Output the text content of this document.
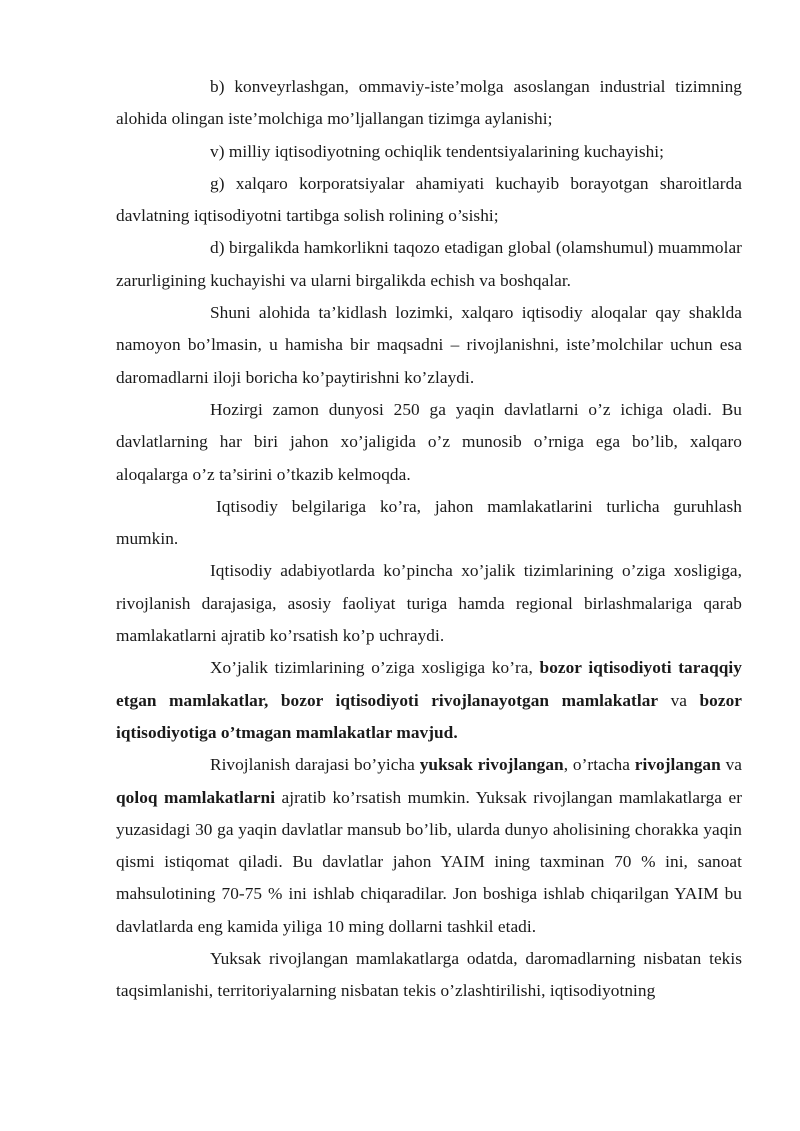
b) konveyrlashgan, ommaviy-iste’molga asoslangan industrial tizimning alohida olingan iste’molchiga mo’ljallangan tizimga aylanishi;

v) milliy iqtisodiyotning ochiqlik tendentsiyalarining kuchayishi;

g) xalqaro korporatsiyalar ahamiyati kuchayib borayotgan sharoitlarda davlatning iqtisodiyotni tartibga solish rolining o’sishi;

d) birgalikda hamkorlikni taqozo etadigan global (olamshumul) muammolar zarurligining kuchayishi va ularni birgalikda echish va boshqalar.

Shuni alohida ta’kidlash lozimki, xalqaro iqtisodiy aloqalar qay shaklda namoyon bo’lmasin, u hamisha bir maqsadni – rivojlanishni, iste’molchilar uchun esa daromadlarni iloji boricha ko’paytirishni ko’zlaydi.

Hozirgi zamon dunyosi 250 ga yaqin davlatlarni o’z ichiga oladi. Bu davlatlarning har biri jahon xo’jaligida o’z munosib o’rniga ega bo’lib, xalqaro aloqalarga o’z ta’sirini o’tkazib kelmoqda.

Iqtisodiy belgilariga ko’ra, jahon mamlakatlarini turlicha guruhlash mumkin.

Iqtisodiy adabiyotlarda ko’pincha xo’jalik tizimlarining o’ziga xosligiga, rivojlanish darajasiga, asosiy faoliyat turiga hamda regional birlashmalariga qarab mamlakatlarni ajratib ko’rsatish ko’p uchraydi.

Xo’jalik tizimlarining o’ziga xosligiga ko’ra, bozor iqtisodiyoti taraqqiy etgan mamlakatlar, bozor iqtisodiyoti rivojlanayotgan mamlakatlar va bozor iqtisodiyotiga o’tmagan mamlakatlar mavjud.

Rivojlanish darajasi bo’yicha yuksak rivojlangan, o’rtacha rivojlangan va qoloq mamlakatlarni ajratib ko’rsatish mumkin. Yuksak rivojlangan mamlakatlarga er yuzasidagi 30 ga yaqin davlatlar mansub bo’lib, ularda dunyo aholisining chorakka yaqin qismi istiqomat qiladi. Bu davlatlar jahon YAIM ining taxminan 70 % ini, sanoat mahsulotining 70-75 % ini ishlab chiqaradilar. Jon boshiga ishlab chiqarilgan YAIM bu davlatlarda eng kamida yiliga 10 ming dollarni tashkil etadi.

Yuksak rivojlangan mamlakatlarga odatda, daromadlarning nisbatan tekis taqsimlanishi, territoriyalarning nisbatan tekis o’zlashtirilishi, iqtisodiyotning
